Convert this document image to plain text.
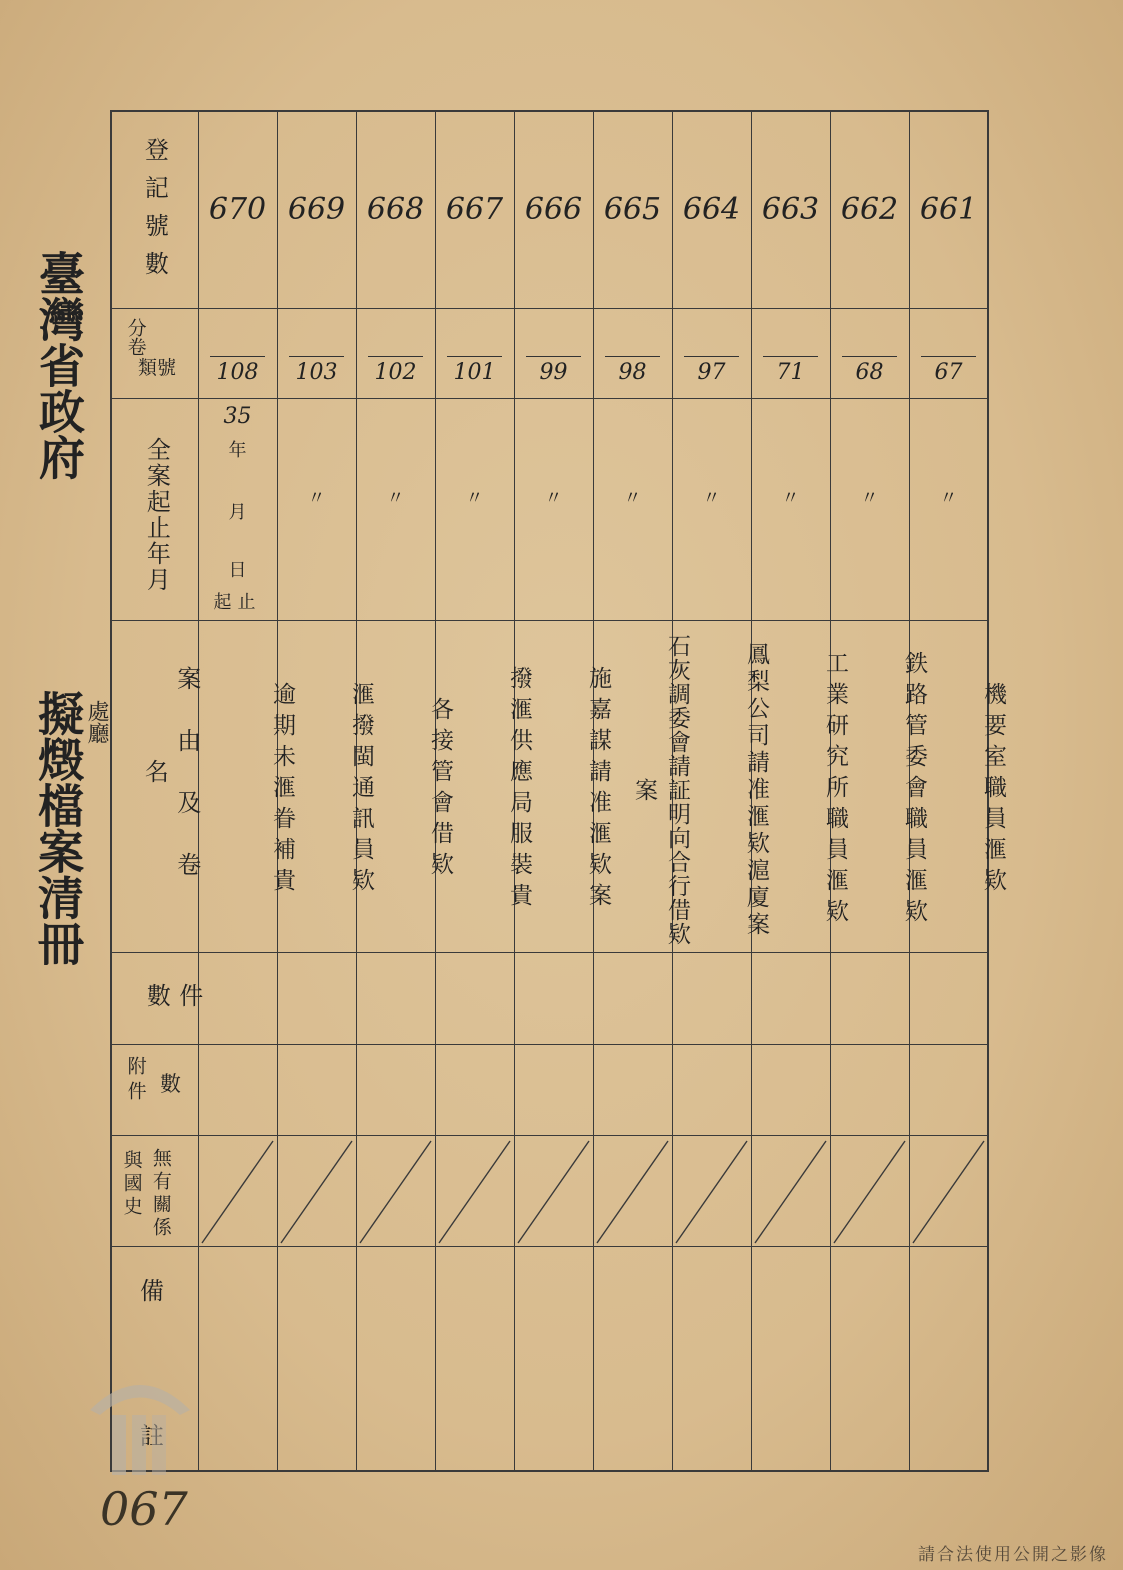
臺灣省政府
擬燬檔案清冊 處廳
登記號數
分卷
類號
全案起止年月
案由及卷名
件數
附件 數
與國史 無有關係
備
670
108
逾期未滙眷補貴
669
103
〃
滙撥閩通訊員欵
668
102
〃
各接管會借欵
667
101
〃
撥滙供應局服裝貴
666
99
〃
施嘉謀請准滙欵案
665
98
〃
石灰調委會請証明向合行借欵案
664
97
〃
鳳梨公司請准滙欵滬廈案
663
71
〃
工業研究所職員滙欵
662
68
〃
鉄路管委會職員滙欵
661
67
〃
機要室職員滙欵
35
年
月
日
起止
067
請合法使用公開之影像
